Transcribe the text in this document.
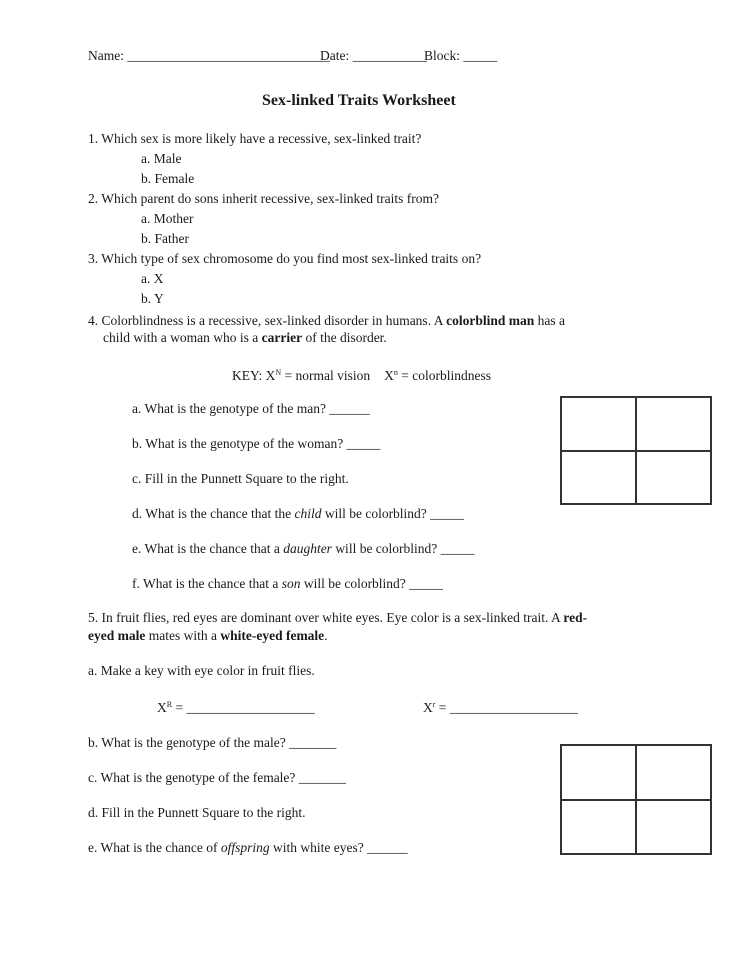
Name: ______________________________
Date: ___________
Block: _____
Sex-linked Traits Worksheet
1. Which sex is more likely have a recessive, sex-linked trait?
a. Male
b. Female
2. Which parent do sons inherit recessive, sex-linked traits from?
a. Mother
b. Father
3. Which type of sex chromosome do you find most sex-linked traits on?
a. X
b. Y
4. Colorblindness is a recessive, sex-linked disorder in humans. A colorblind man has a
child with a woman who is a carrier of the disorder.
KEY: $X^N$ = normal vision $X^n$ = colorblindness
a. What is the genotype of the man? ______
b. What is the genotype of the woman? _____
c. Fill in the Punnett Square to the right.
d. What is the chance that the child will be colorblind? _____
e. What is the chance that a daughter will be colorblind? _____
f. What is the chance that a son will be colorblind? _____
5. In fruit flies, red eyes are dominant over white eyes. Eye color is a sex-linked trait. A red-
eyed male mates with a white-eyed female.
a. Make a key with eye color in fruit flies.
$X^R$ = ___________________	$X^r$ = ___________________
b. What is the genotype of the male? _______
c. What is the genotype of the female? _______
d. Fill in the Punnett Square to the right.
e. What is the chance of offspring with white eyes? ______
